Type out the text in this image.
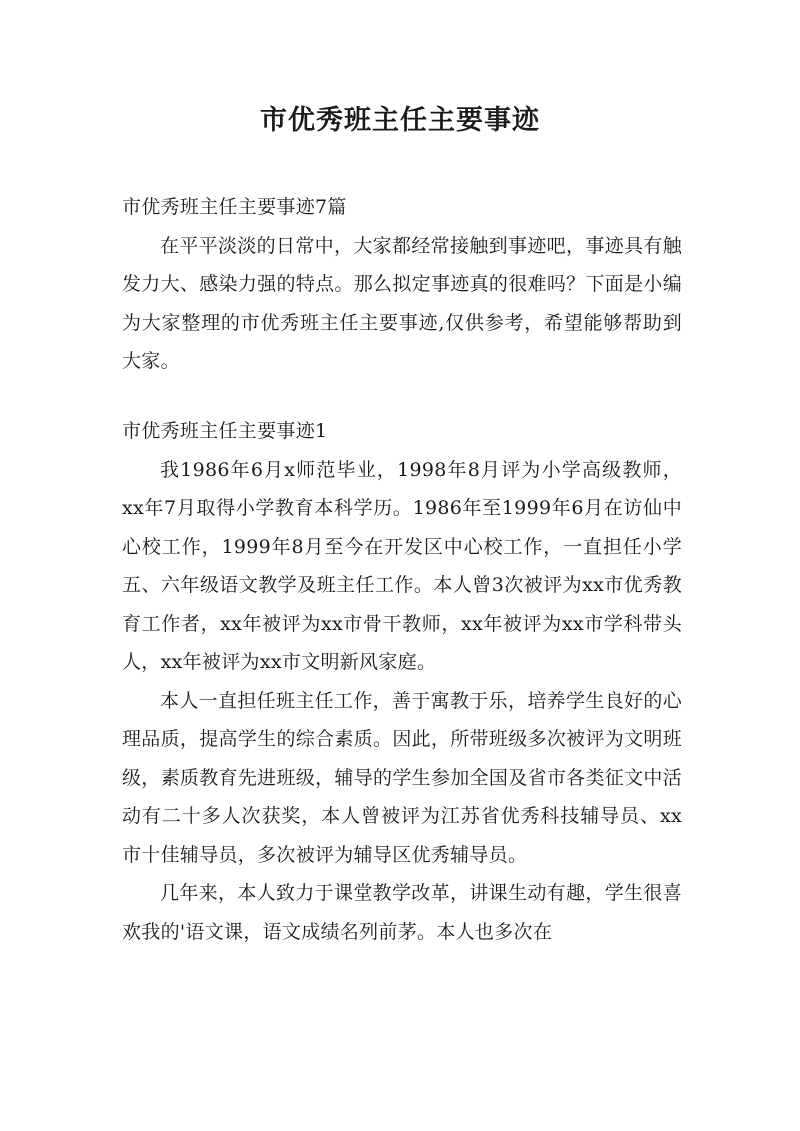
市优秀班主任主要事迹

市优秀班主任主要事迹7篇

在平平淡淡的日常中，大家都经常接触到事迹吧，事迹具有触发力大、感染力强的特点。那么拟定事迹真的很难吗？下面是小编为大家整理的市优秀班主任主要事迹,仅供参考，希望能够帮助到大家。

市优秀班主任主要事迹1

我1986年6月x师范毕业，1998年8月评为小学高级教师，xx年7月取得小学教育本科学历。1986年至1999年6月在访仙中心校工作，1999年8月至今在开发区中心校工作，一直担任小学五、六年级语文教学及班主任工作。本人曾3次被评为xx市优秀教育工作者，xx年被评为xx市骨干教师，xx年被评为xx市学科带头人，xx年被评为xx市文明新风家庭。

本人一直担任班主任工作，善于寓教于乐，培养学生良好的心理品质，提高学生的综合素质。因此，所带班级多次被评为文明班级，素质教育先进班级，辅导的学生参加全国及省市各类征文中活动有二十多人次获奖，本人曾被评为江苏省优秀科技辅导员、xx市十佳辅导员，多次被评为辅导区优秀辅导员。

几年来，本人致力于课堂教学改革，讲课生动有趣，学生很喜欢我的'语文课，语文成绩名列前茅。本人也多次在
